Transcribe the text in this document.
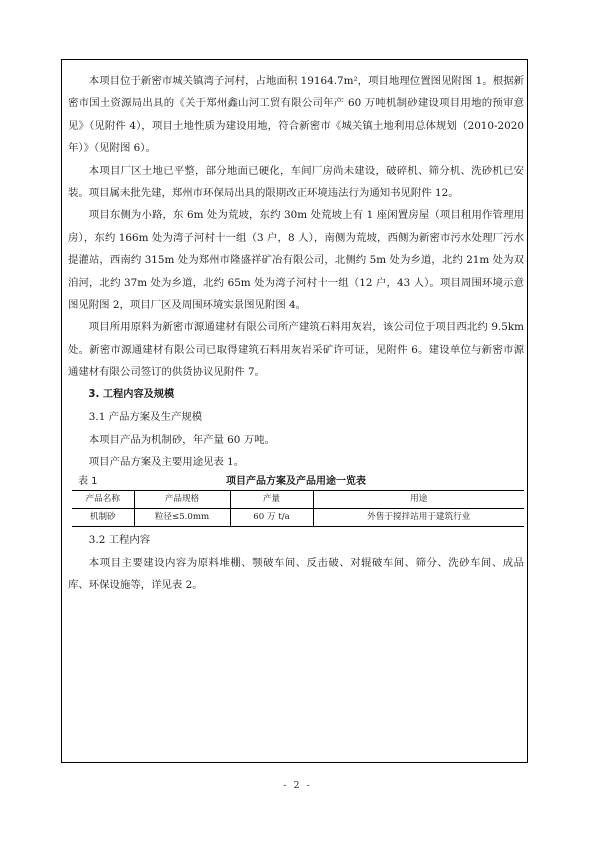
本项目位于新密市城关镇湾子河村，占地面积 19164.7m²，项目地理位置图见附图 1。根据新密市国土资源局出具的《关于郑州鑫山河工贸有限公司年产 60 万吨机制砂建设项目用地的预审意见》（见附件 4），项目土地性质为建设用地，符合新密市《城关镇土地利用总体规划（2010-2020 年）》（见附图 6）。

本项目厂区土地已平整，部分地面已硬化，车间厂房尚未建设，破碎机、筛分机、洗砂机已安装。项目属未批先建，郑州市环保局出具的限期改正环境违法行为通知书见附件 12。

项目东侧为小路，东 6m 处为荒坡，东约 30m 处荒坡上有 1 座闲置房屋（项目租用作管理用房），东约 166m 处为湾子河村十一组（3 户，8 人），南侧为荒坡，西侧为新密市污水处理厂污水提灌站，西南约 315m 处为郑州市隆盛祥矿冶有限公司，北侧约 5m 处为乡道，北约 21m 处为双洎河，北约 37m 处为乡道，北约 65m 处为湾子河村十一组（12 户，43 人）。项目周围环境示意图见附图 2，项目厂区及周围环境实景图见附图 4。

项目所用原料为新密市源通建材有限公司所产建筑石料用灰岩，该公司位于项目西北约 9.5km 处。新密市源通建材有限公司已取得建筑石料用灰岩采矿许可证，见附件 6。建设单位与新密市源通建材有限公司签订的供货协议见附件 7。

3. 工程内容及规模

3.1 产品方案及生产规模

本项目产品为机制砂，年产量 60 万吨。

项目产品方案及主要用途见表 1。

表 1	项目产品方案及产品用途一览表
产品名称	产品规格	产量	用途
机制砂	粒径≤5.0mm	60 万 t/a	外售于搅拌站用于建筑行业

3.2 工程内容

本项目主要建设内容为原料堆棚、颚破车间、反击破、对辊破车间、筛分、洗砂车间、成品库、环保设施等，详见表 2。

- 2 -
